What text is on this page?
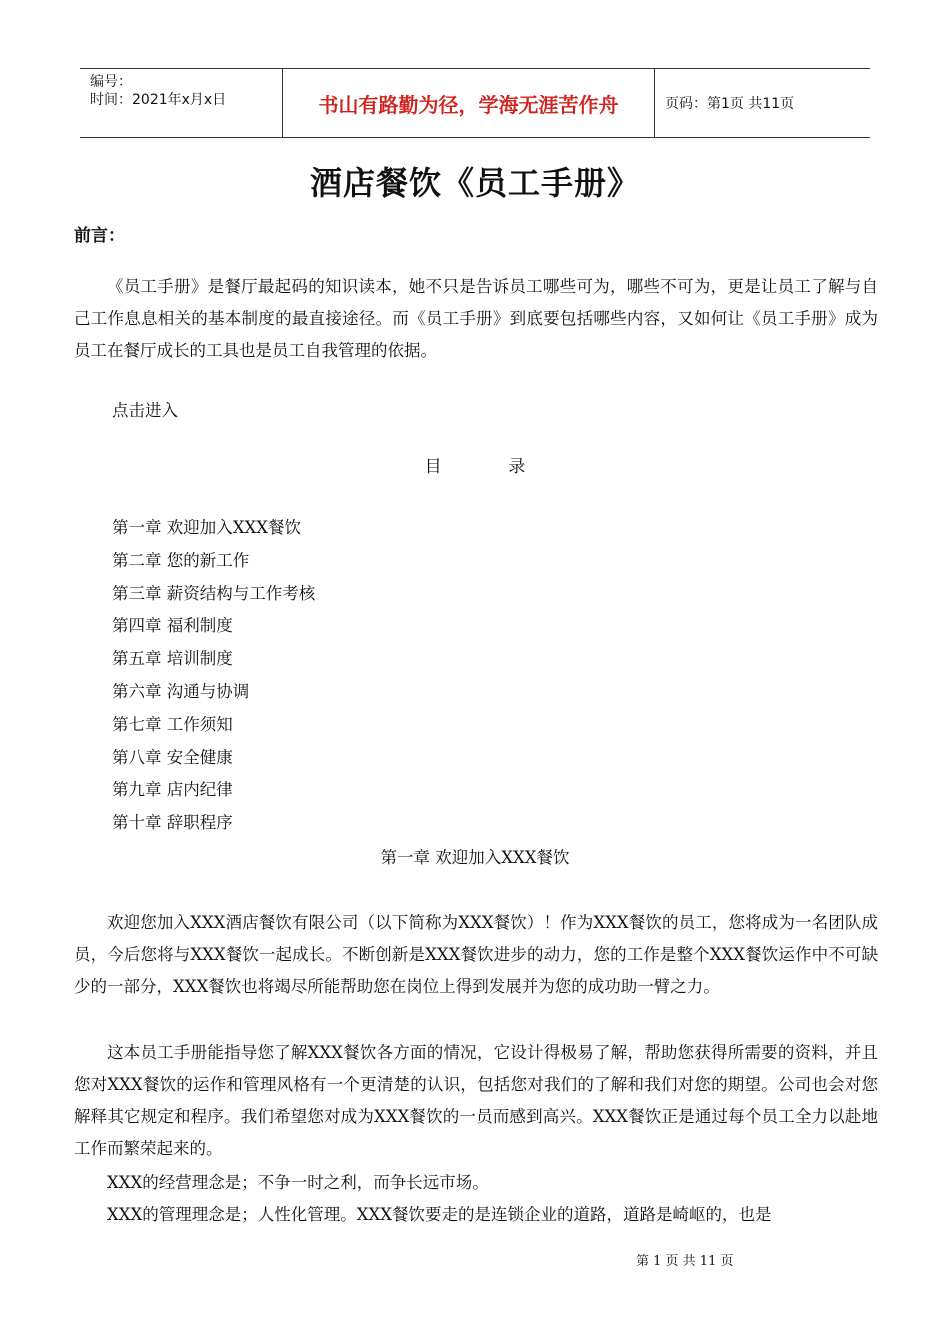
编号：
时间：2021年x月x日	书山有路勤为径，学海无涯苦作舟	页码：第1页 共11页
酒店餐饮《员工手册》
前言：
《员工手册》是餐厅最起码的知识读本，她不只是告诉员工哪些可为，哪些不可为，更是让员工了解与自己工作息息相关的基本制度的最直接途径。而《员工手册》到底要包括哪些内容，又如何让《员工手册》成为员工在餐厅成长的工具也是员工自我管理的依据。
点击进入
目	录
第一章 欢迎加入XXX餐饮
第二章 您的新工作
第三章 薪资结构与工作考核
第四章 福利制度
第五章 培训制度
第六章 沟通与协调
第七章 工作须知
第八章 安全健康
第九章 店内纪律
第十章 辞职程序
第一章 欢迎加入XXX餐饮
欢迎您加入XXX酒店餐饮有限公司（以下简称为XXX餐饮）！作为XXX餐饮的员工，您将成为一名团队成员，今后您将与XXX餐饮一起成长。不断创新是XXX餐饮进步的动力，您的工作是整个XXX餐饮运作中不可缺少的一部分，XXX餐饮也将竭尽所能帮助您在岗位上得到发展并为您的成功助一臂之力。
这本员工手册能指导您了解XXX餐饮各方面的情况，它设计得极易了解，帮助您获得所需要的资料，并且您对XXX餐饮的运作和管理风格有一个更清楚的认识，包括您对我们的了解和我们对您的期望。公司也会对您解释其它规定和程序。我们希望您对成为XXX餐饮的一员而感到高兴。XXX餐饮正是通过每个员工全力以赴地工作而繁荣起来的。
XXX的经营理念是；不争一时之利，而争长远市场。
XXX的管理理念是；人性化管理。XXX餐饮要走的是连锁企业的道路，道路是崎岖的，也是
第 1 页 共 11 页
